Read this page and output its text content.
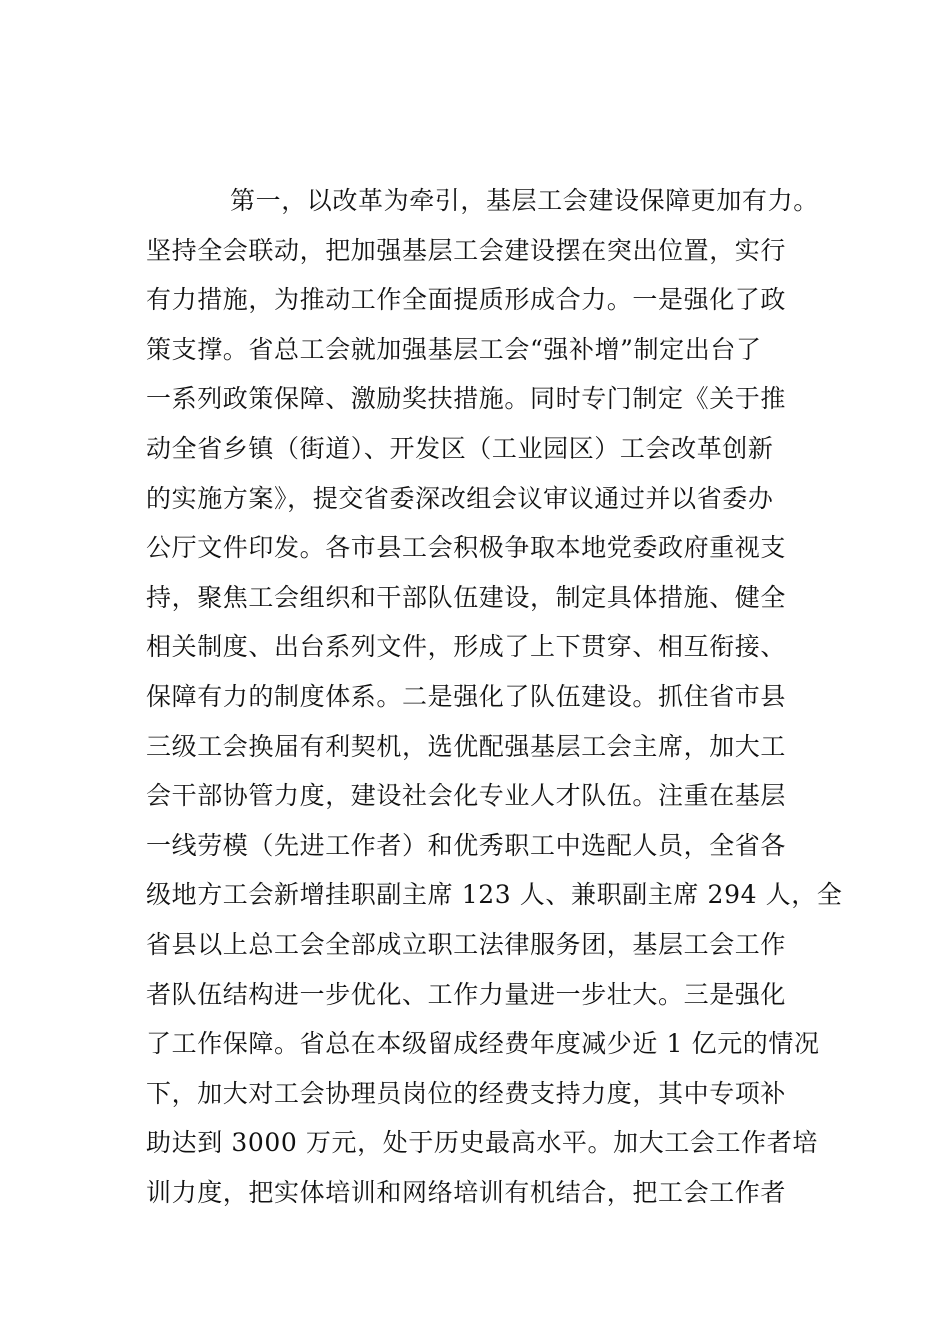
第一，以改革为牵引，基层工会建设保障更加有力。
坚持全会联动，把加强基层工会建设摆在突出位置，实行
有力措施，为推动工作全面提质形成合力。一是强化了政
策支撑。省总工会就加强基层工会“强补增”制定出台了
一系列政策保障、激励奖扶措施。同时专门制定《关于推
动全省乡镇（街道）、开发区（工业园区）工会改革创新
的实施方案》，提交省委深改组会议审议通过并以省委办
公厅文件印发。各市县工会积极争取本地党委政府重视支
持，聚焦工会组织和干部队伍建设，制定具体措施、健全
相关制度、出台系列文件，形成了上下贯穿、相互衔接、
保障有力的制度体系。二是强化了队伍建设。抓住省市县
三级工会换届有利契机，选优配强基层工会主席，加大工
会干部协管力度，建设社会化专业人才队伍。注重在基层
一线劳模（先进工作者）和优秀职工中选配人员，全省各
级地方工会新增挂职副主席 123 人、兼职副主席 294 人，全
省县以上总工会全部成立职工法律服务团，基层工会工作
者队伍结构进一步优化、工作力量进一步壮大。三是强化
了工作保障。省总在本级留成经费年度减少近 1 亿元的情况
下，加大对工会协理员岗位的经费支持力度，其中专项补
助达到 3000 万元，处于历史最高水平。加大工会工作者培
训力度，把实体培训和网络培训有机结合，把工会工作者
